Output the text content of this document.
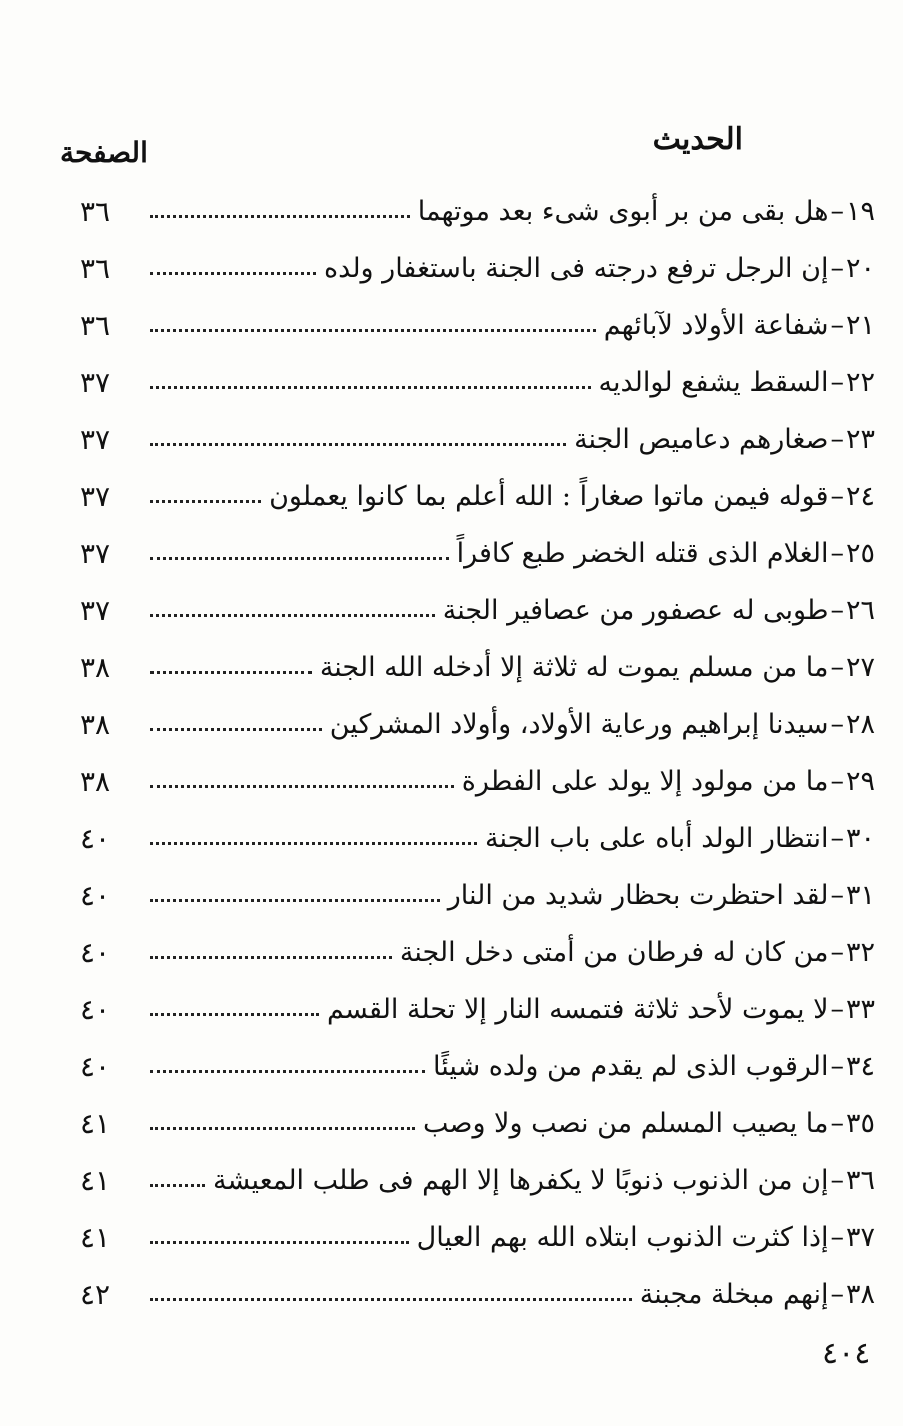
الحديث
الصفحة
١٩
–
هل بقى من بر أبوى شىء بعد موتهما
٣٦
٢٠
–
إن الرجل ترفع درجته فى الجنة باستغفار ولده
٣٦
٢١
–
شفاعة الأولاد لآبائهم
٣٦
٢٢
–
السقط يشفع لوالديه
٣٧
٢٣
–
صغارهم دعاميص الجنة
٣٧
٢٤
–
قوله فيمن ماتوا صغاراً : الله أعلم بما كانوا يعملون
٣٧
٢٥
–
الغلام الذى قتله الخضر طبع كافراً
٣٧
٢٦
–
طوبى له عصفور من عصافير الجنة
٣٧
٢٧
–
ما من مسلم يموت له ثلاثة إلا أدخله الله الجنة
٣٨
٢٨
–
سيدنا إبراهيم ورعاية الأولاد، وأولاد المشركين
٣٨
٢٩
–
ما من مولود إلا يولد على الفطرة
٣٨
٣٠
–
انتظار الولد أباه على باب الجنة
٤٠
٣١
–
لقد احتظرت بحظار شديد من النار
٤٠
٣٢
–
من كان له فرطان من أمتى دخل الجنة
٤٠
٣٣
–
لا يموت لأحد ثلاثة فتمسه النار إلا تحلة القسم
٤٠
٣٤
–
الرقوب الذى لم يقدم من ولده شيئًا
٤٠
٣٥
–
ما يصيب المسلم من نصب ولا وصب
٤١
٣٦
–
إن من الذنوب ذنوبًا لا يكفرها إلا الهم فى طلب المعيشة
٤١
٣٧
–
إذا كثرت الذنوب ابتلاه الله بهم العيال
٤١
٣٨
–
إنهم مبخلة مجبنة
٤٢
٤٠٤
